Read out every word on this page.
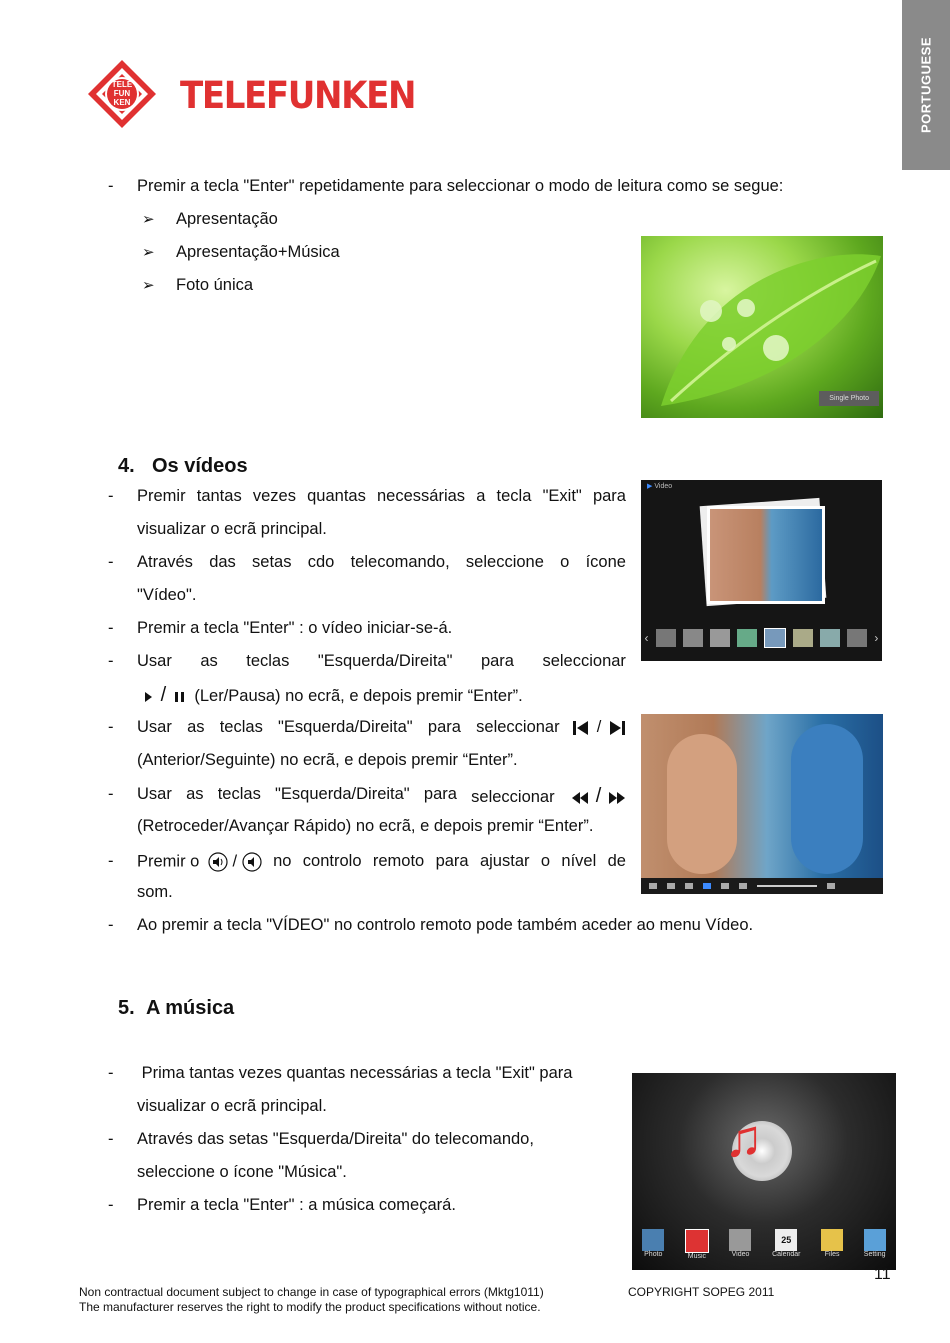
PORTUGUESE
TELE
FUN
KEN	TELEFUNKEN
- Premir a tecla "Enter" repetidamente para seleccionar o modo de leitura como se segue:
➢ Apresentação
➢ Apresentação+Música
➢ Foto única
Single Photo
4. Os vídeos
- Premir tantas vezes quantas necessárias a tecla "Exit" para
visualizar o ecrã principal.
- Através das setas cdo telecomando, seleccione o ícone
"Vídeo".
- Premir a tecla "Enter" : o vídeo iniciar-se-á.
- Usar as teclas "Esquerda/Direita" para seleccionar
/ (Ler/Pausa) no ecrã, e depois premir “Enter”.
- Usar as teclas "Esquerda/Direita" para seleccionar /
(Anterior/Seguinte) no ecrã, e depois premir “Enter”.
- Usar as teclas "Esquerda/Direita" para seleccionar /
(Retroceder/Avançar Rápido) no ecrã, e depois premir “Enter”.
- Premir o /	no controlo remoto para ajustar o nível de
som.
- Ao premir a tecla "VÍDEO" no controlo remoto pode também aceder ao menu Vídeo.
▶ Video
‹	›
5. A música
- Prima tantas vezes quantas necessárias a tecla "Exit" para
visualizar o ecrã principal.
- Através das setas "Esquerda/Direita" do telecomando,
seleccione o ícone "Música".
- Premir a tecla "Enter" : a música começará.
♫
Photo	Music	Video
25
Calendar	Files	Setting
11
Non contractual document subject to change in case of typographical errors (Mktg1011)
The manufacturer reserves the right to modify the product specifications without notice.
COPYRIGHT SOPEG 2011
